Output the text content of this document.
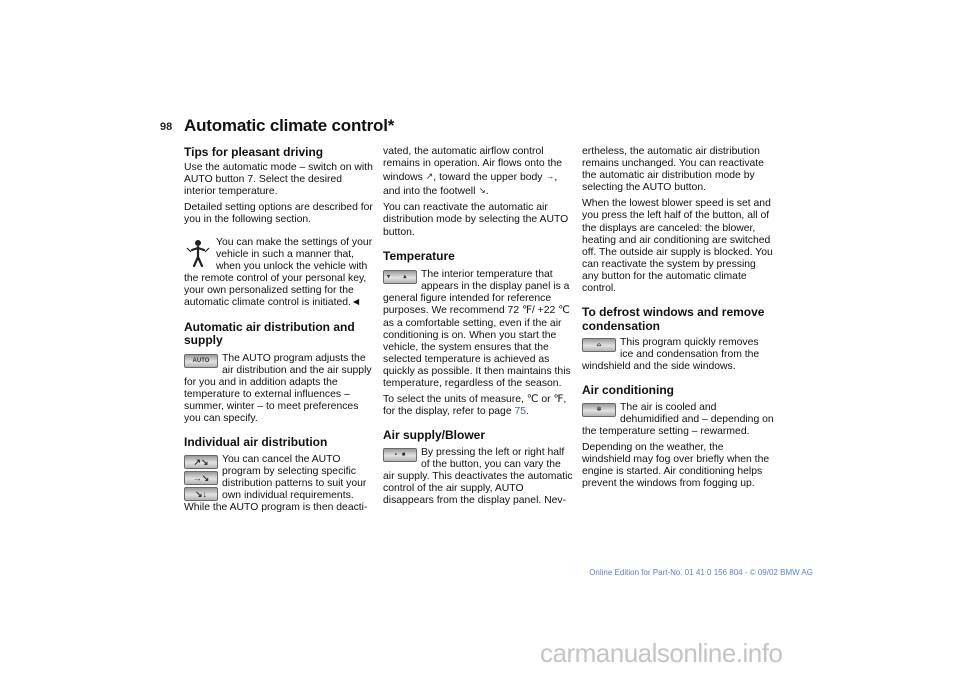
98 Automatic climate control*
Tips for pleasant driving

Use the automatic mode – switch on with AUTO button 7. Select the desired interior temperature.

Detailed setting options are described for you in the following section.

You can make the settings of your vehicle in such a manner that, when you unlock the vehicle with the remote control of your personal key, your own personalized setting for the automatic climate control is initiated.◄

Automatic air distribution and supply

AUTO	The AUTO program adjusts the air distribution and the air supply for you and in addition adapts the temperature to external influences – summer, winter – to meet preferences you can specify.

Individual air distribution

↗↘
→↘
↘↓
You can cancel the AUTO program by selecting specific distribution patterns to suit your own individual requirements. While the AUTO program is then deacti-

vated, the automatic airflow control remains in operation. Air flows onto the windows ↗, toward the upper body →, and into the footwell ↘.

You can reactivate the automatic air distribution mode by selecting the AUTO button.

Temperature

▾        ▴	The interior temperature that appears in the display panel is a general figure intended for reference purposes. We recommend 72 ℉/ +22 ℃ as a comfortable setting, even if the air conditioning is on. When you start the vehicle, the system ensures that the selected temperature is achieved as quickly as possible. It then maintains this temperature, regardless of the season.

To select the units of measure, ℃ or ℉, for the display, refer to page 75.

Air supply/Blower

▪   ■	By pressing the left or right half of the button, you can vary the air supply. This deactivates the automatic control of the air supply, AUTO disappears from the display panel. Nev-

ertheless, the automatic air distribution remains unchanged. You can reactivate the automatic air distribution mode by selecting the AUTO button.

When the lowest blower speed is set and you press the left half of the button, all of the displays are canceled: the blower, heating and air conditioning are switched off. The outside air supply is blocked. You can reactivate the system by pressing any button for the automatic climate control.

To defrost windows and remove condensation

⌓	This program quickly removes ice and condensation from the windshield and the side windows.

Air conditioning

✲	The air is cooled and dehumidified and – depending on the temperature setting – rewarmed.

Depending on the weather, the windshield may fog over briefly when the engine is started. Air conditioning helps prevent the windows from fogging up.

Online Edition for Part-No. 01 41 0 156 804 - © 09/02 BMW AG
carmanualsonline.info
